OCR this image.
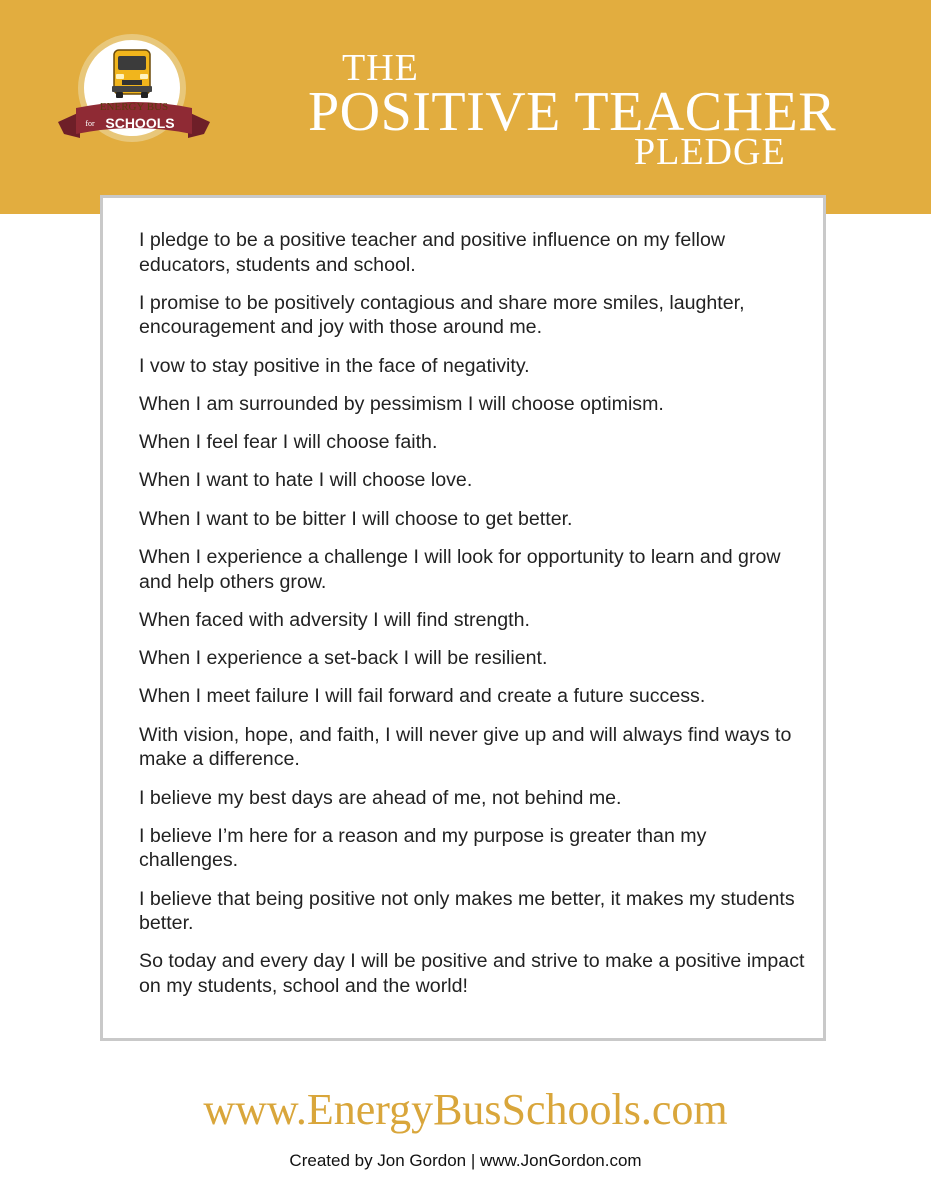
ENERGY BUS
for SCHOOLS
THE
POSITIVE TEACHER
PLEDGE
I pledge to be a positive teacher and positive influence on my fellow educators, students and school.
I promise to be positively contagious and share more smiles, laughter, encouragement and joy with those around me.
I vow to stay positive in the face of negativity.
When I am surrounded by pessimism I will choose optimism.
When I feel fear I will choose faith.
When I want to hate I will choose love.
When I want to be bitter I will choose to get better.
When I experience a challenge I will look for opportunity to learn and grow and help others grow.
When faced with adversity I will find strength.
When I experience a set-back I will be resilient.
When I meet failure I will fail forward and create a future success.
With vision, hope, and faith, I will never give up and will always find ways to make a difference.
I believe my best days are ahead of me, not behind me.
I believe I’m here for a reason and my purpose is greater than my challenges.
I believe that being positive not only makes me better, it makes my students better.
So today and every day I will be positive and strive to make a positive impact on my students, school and the world!
www.EnergyBusSchools.com
Created by Jon Gordon | www.JonGordon.com
